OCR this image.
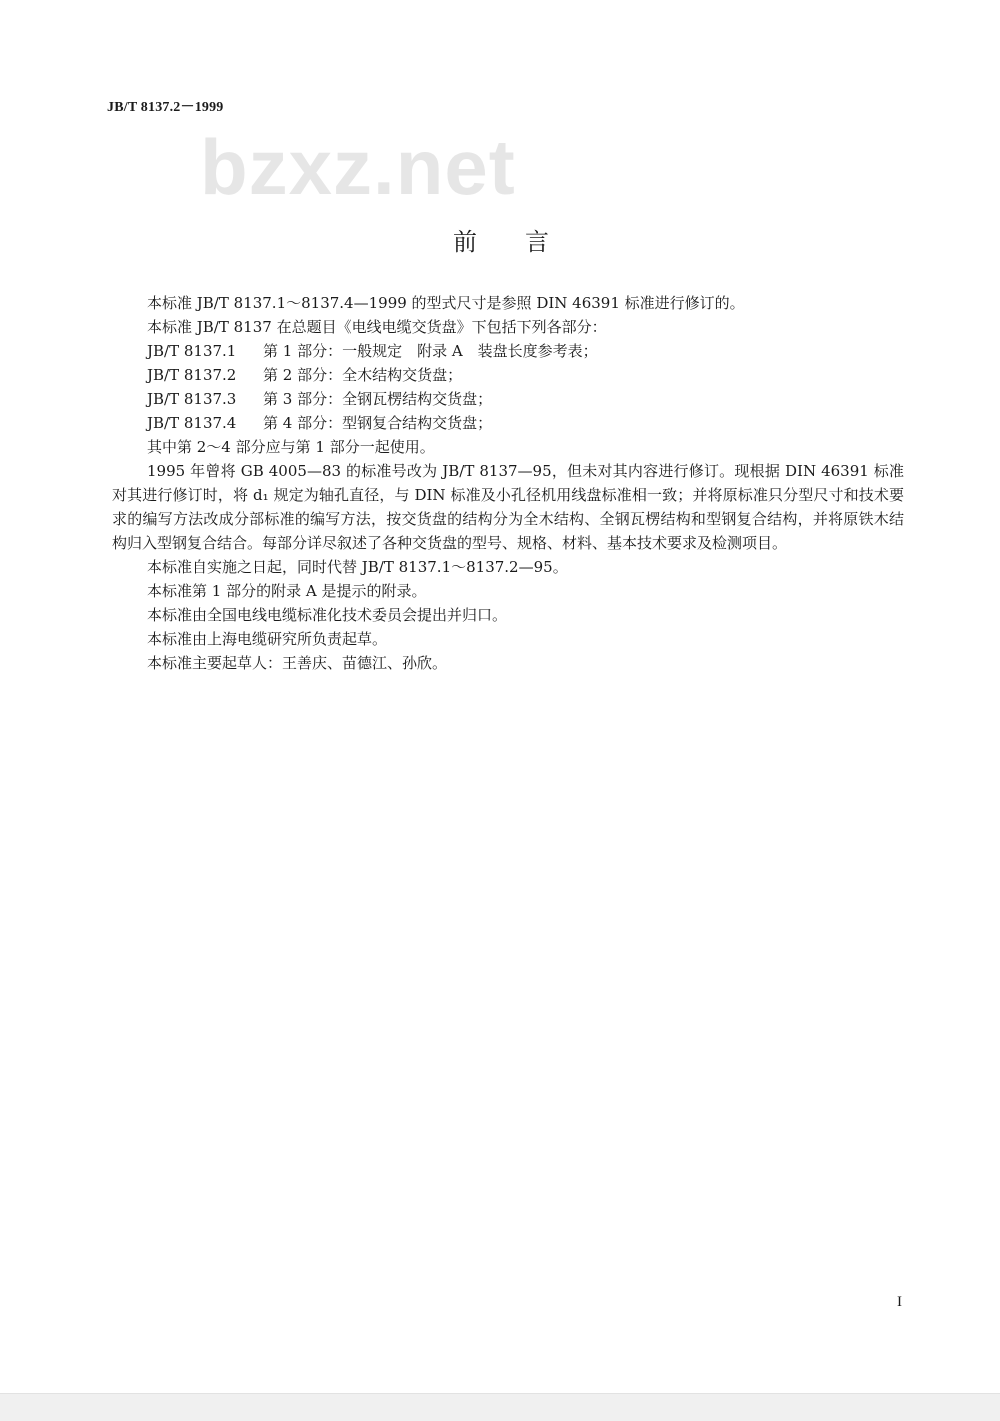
JB/T 8137.2－1999
bzxz.net
前言

本标准 JB/T 8137.1～8137.4—1999 的型式尺寸是参照 DIN 46391 标准进行修订的。

本标准 JB/T 8137 在总题目《电线电缆交货盘》下包括下列各部分：

JB/T 8137.1 第 1 部分：一般规定　附录 A　装盘长度参考表；

JB/T 8137.2 第 2 部分：全木结构交货盘；

JB/T 8137.3 第 3 部分：全钢瓦楞结构交货盘；

JB/T 8137.4 第 4 部分：型钢复合结构交货盘；

其中第 2～4 部分应与第 1 部分一起使用。

1995 年曾将 GB 4005—83 的标准号改为 JB/T 8137—95，但未对其内容进行修订。现根据 DIN 46391 标准对其进行修订时，将 d₁ 规定为轴孔直径，与 DIN 标准及小孔径机用线盘标准相一致；并将原标准只分型尺寸和技术要求的编写方法改成分部标准的编写方法，按交货盘的结构分为全木结构、全钢瓦楞结构和型钢复合结构，并将原铁木结构归入型钢复合结合。每部分详尽叙述了各种交货盘的型号、规格、材料、基本技术要求及检测项目。

本标准自实施之日起，同时代替 JB/T 8137.1～8137.2—95。

本标准第 1 部分的附录 A 是提示的附录。

本标准由全国电线电缆标准化技术委员会提出并归口。

本标准由上海电缆研究所负责起草。

本标准主要起草人：王善庆、苗德江、孙欣。

I
